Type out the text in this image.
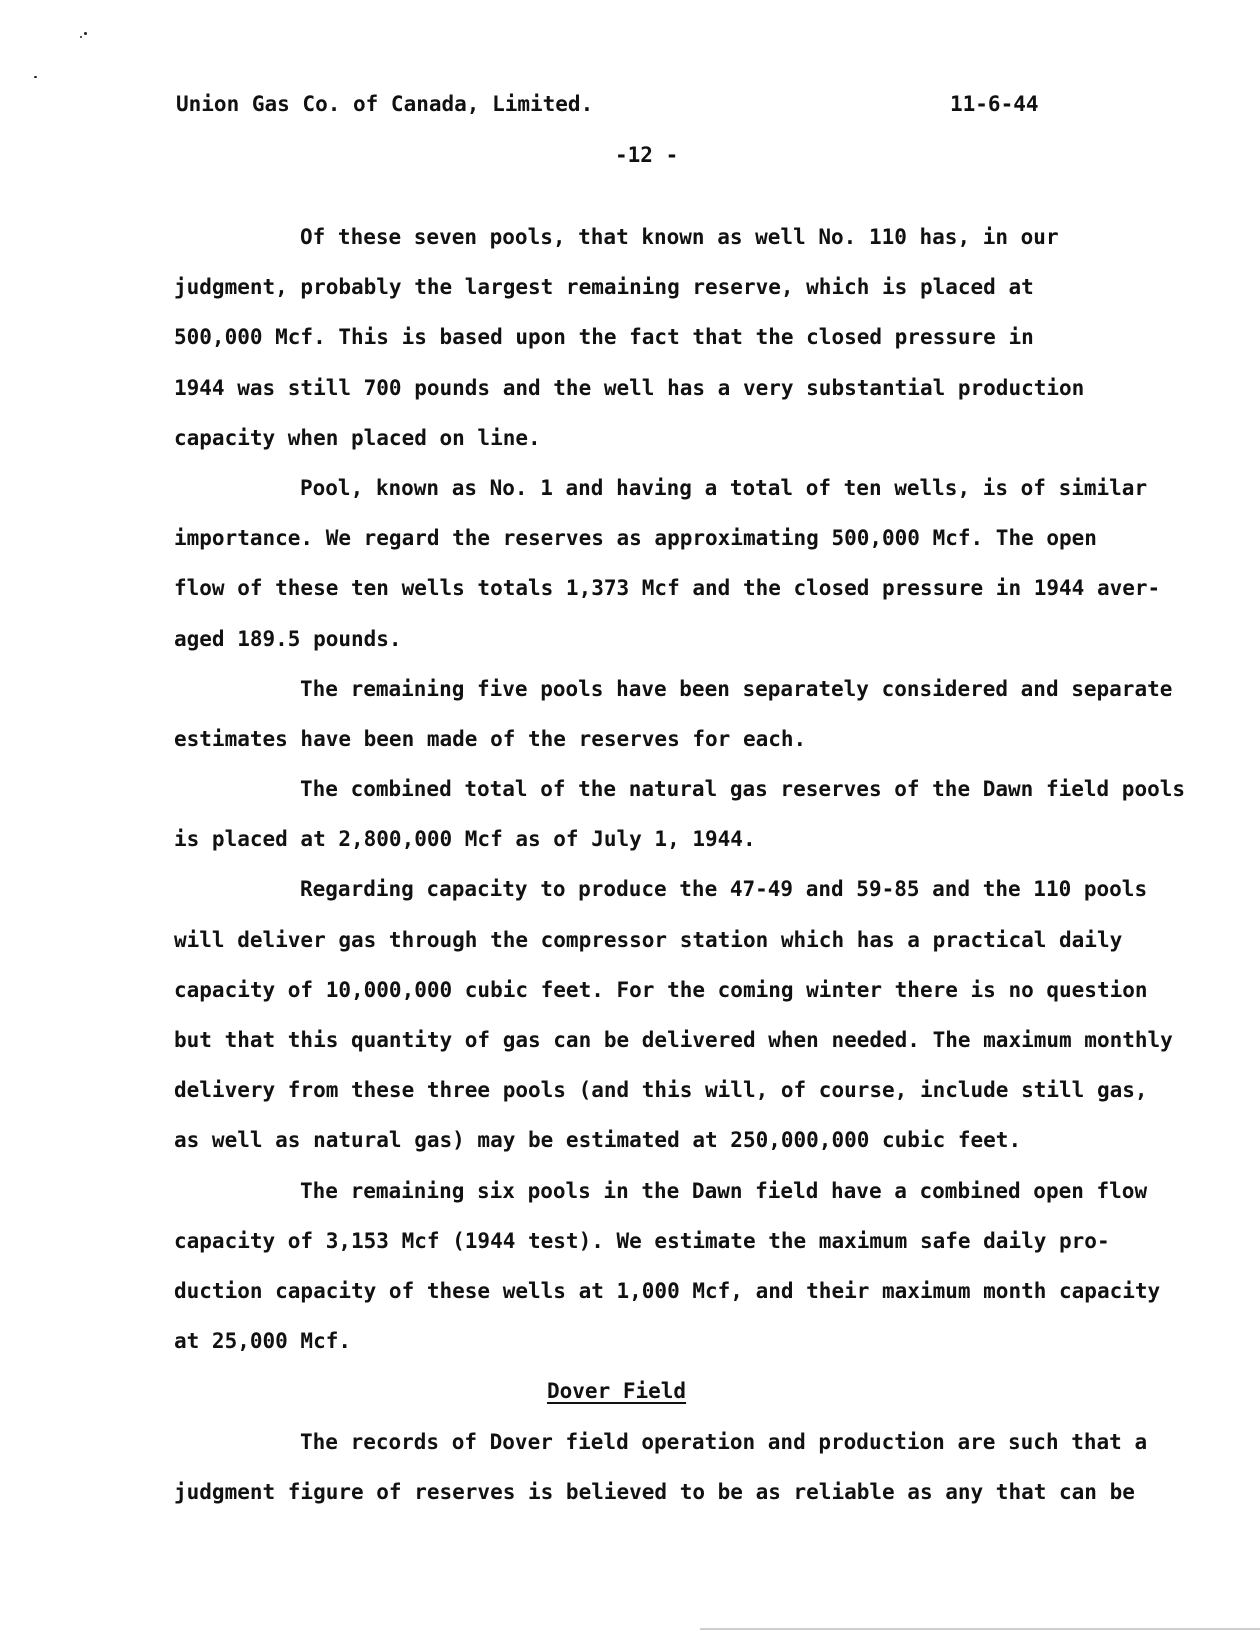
Union Gas Co. of Canada, Limited.	11-6-44
-12 -
Of these seven pools, that known as well No. 110 has, in our
judgment, probably the largest remaining reserve, which is placed at
500,000 Mcf. This is based upon the fact that the closed pressure in
1944 was still 700 pounds and the well has a very substantial production
capacity when placed on line.
Pool, known as No. 1 and having a total of ten wells, is of similar
importance. We regard the reserves as approximating 500,000 Mcf. The open
flow of these ten wells totals 1,373 Mcf and the closed pressure in 1944 aver-
aged 189.5 pounds.
The remaining five pools have been separately considered and separate
estimates have been made of the reserves for each.
The combined total of the natural gas reserves of the Dawn field pools
is placed at 2,800,000 Mcf as of July 1, 1944.
Regarding capacity to produce the 47-49 and 59-85 and the 110 pools
will deliver gas through the compressor station which has a practical daily
capacity of 10,000,000 cubic feet. For the coming winter there is no question
but that this quantity of gas can be delivered when needed. The maximum monthly
delivery from these three pools (and this will, of course, include still gas,
as well as natural gas) may be estimated at 250,000,000 cubic feet.
The remaining six pools in the Dawn field have a combined open flow
capacity of 3,153 Mcf (1944 test). We estimate the maximum safe daily pro-
duction capacity of these wells at 1,000 Mcf, and their maximum month capacity
at 25,000 Mcf.
Dover Field
The records of Dover field operation and production are such that a
judgment figure of reserves is believed to be as reliable as any that can be
